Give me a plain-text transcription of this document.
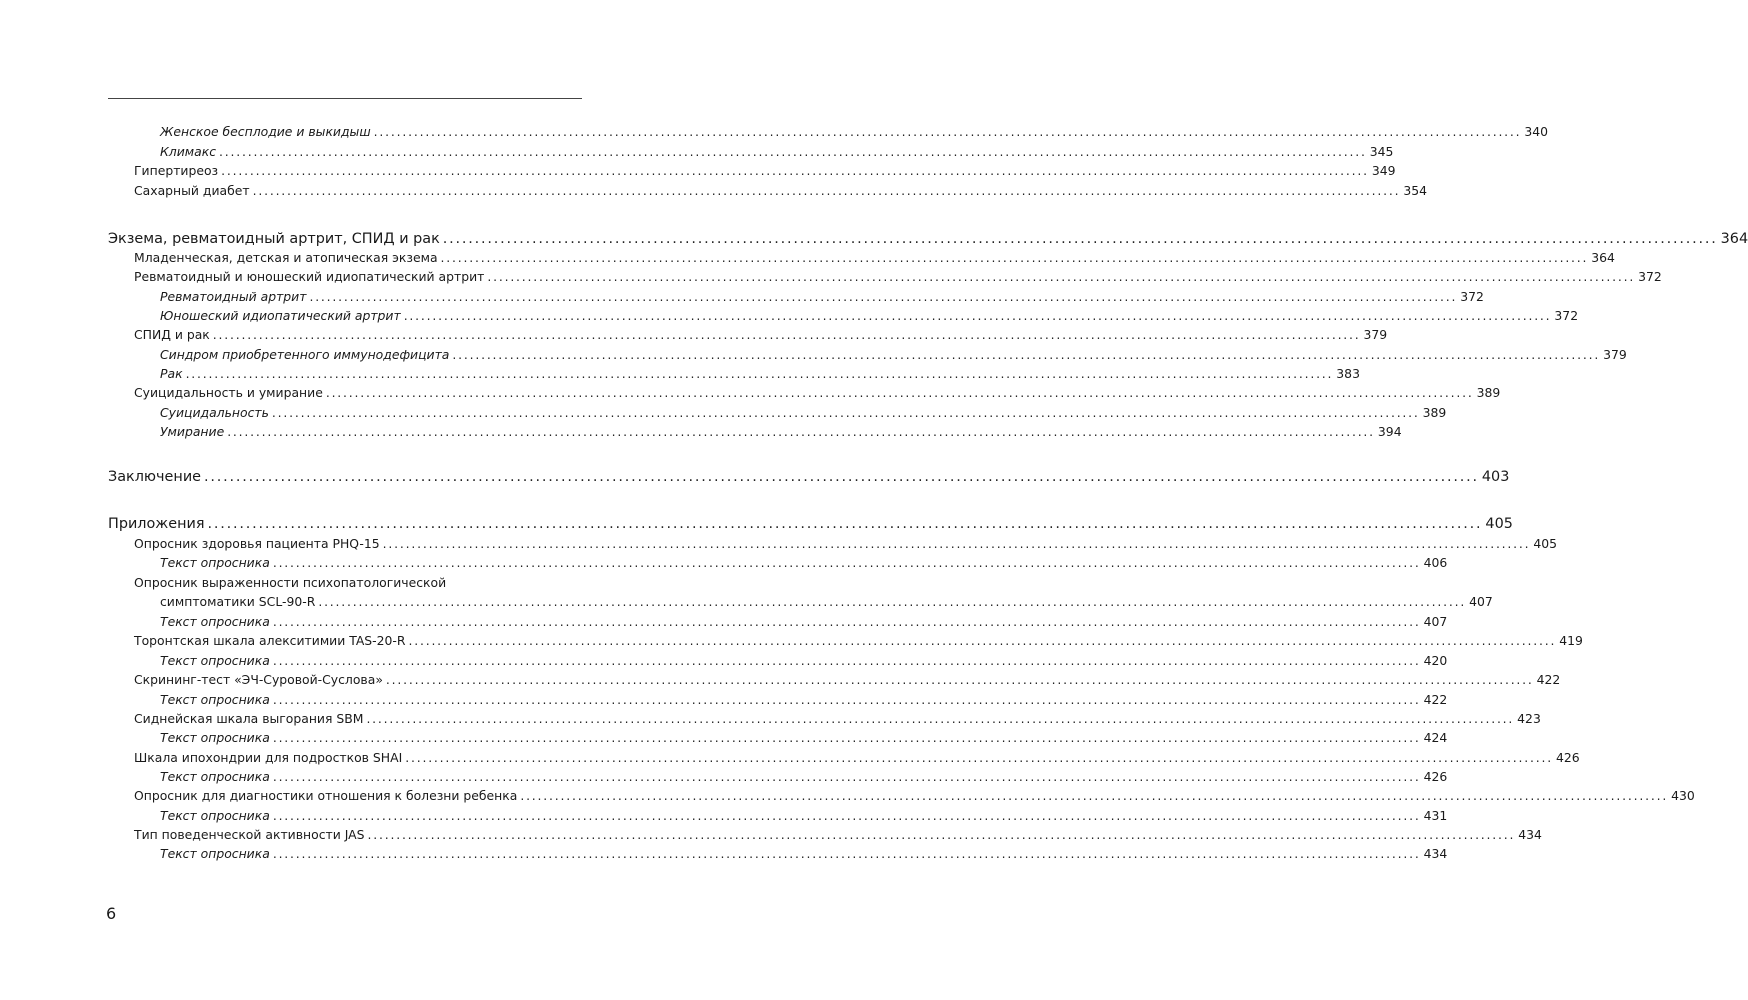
Женское бесплодие и выкидыш ........................................................................................................................................................................................................ 340
Климакс ........................................................................................................................................................................................................ 345
Гипертиреоз ........................................................................................................................................................................................................ 349
Сахарный диабет ........................................................................................................................................................................................................ 354
Экзема, ревматоидный артрит, СПИД и рак ........................................................................................................................................................................................................ 364
Младенческая, детская и атопическая экзема ........................................................................................................................................................................................................ 364
Ревматоидный и юношеский идиопатический артрит ........................................................................................................................................................................................................ 372
Ревматоидный артрит ........................................................................................................................................................................................................ 372
Юношеский идиопатический артрит ........................................................................................................................................................................................................ 372
СПИД и рак ........................................................................................................................................................................................................ 379
Синдром приобретенного иммунодефицита ........................................................................................................................................................................................................ 379
Рак ........................................................................................................................................................................................................ 383
Суицидальность и умирание ........................................................................................................................................................................................................ 389
Суицидальность ........................................................................................................................................................................................................ 389
Умирание ........................................................................................................................................................................................................ 394
Заключение ........................................................................................................................................................................................................ 403
Приложения ........................................................................................................................................................................................................ 405
Опросник здоровья пациента PHQ-15 ........................................................................................................................................................................................................ 405
Текст опросника ........................................................................................................................................................................................................ 406
Опросник выраженности психопатологической
симптоматики SCL-90-R ........................................................................................................................................................................................................ 407
Текст опросника ........................................................................................................................................................................................................ 407
Торонтская шкала алекситимии TAS-20-R ........................................................................................................................................................................................................ 419
Текст опросника ........................................................................................................................................................................................................ 420
Скрининг-тест «ЭЧ-Суровой-Суслова» ........................................................................................................................................................................................................ 422
Текст опросника ........................................................................................................................................................................................................ 422
Сиднейская шкала выгорания SBM ........................................................................................................................................................................................................ 423
Текст опросника ........................................................................................................................................................................................................ 424
Шкала ипохондрии для подростков SHAI ........................................................................................................................................................................................................ 426
Текст опросника ........................................................................................................................................................................................................ 426
Опросник для диагностики отношения к болезни ребенка ........................................................................................................................................................................................................ 430
Текст опросника ........................................................................................................................................................................................................ 431
Тип поведенческой активности JAS ........................................................................................................................................................................................................ 434
Текст опросника ........................................................................................................................................................................................................ 434
6
